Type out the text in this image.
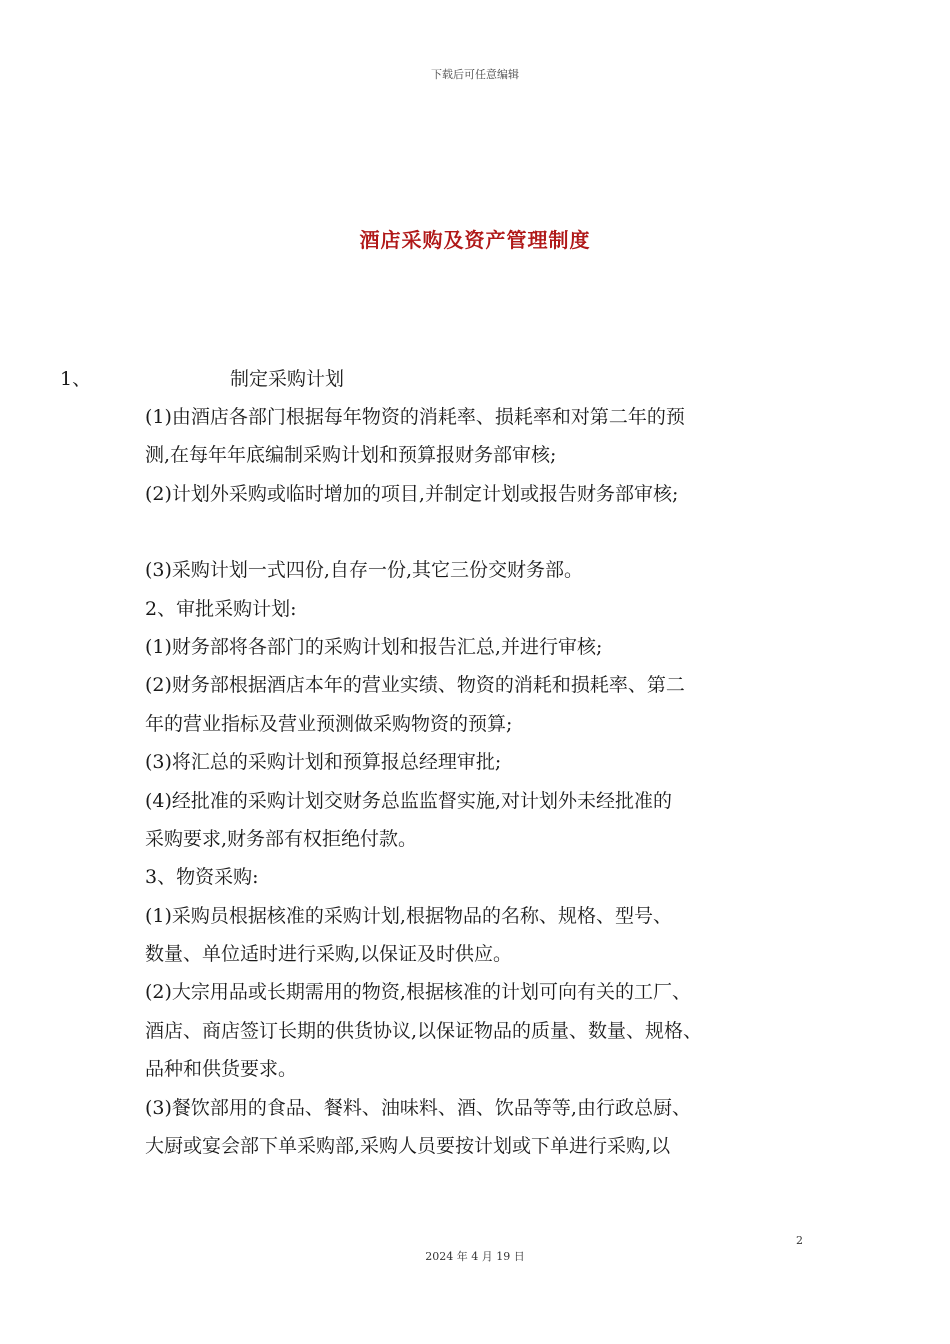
下载后可任意编辑
酒店采购及资产管理制度
1、	制定采购计划
(1)由酒店各部门根据每年物资的消耗率、损耗率和对第二年的预
测,在每年年底编制采购计划和预算报财务部审核;
(2)计划外采购或临时增加的项目,并制定计划或报告财务部审核;
(3)采购计划一式四份,自存一份,其它三份交财务部。
2、审批采购计划:
(1)财务部将各部门的采购计划和报告汇总,并进行审核;
(2)财务部根据酒店本年的营业实绩、物资的消耗和损耗率、第二
年的营业指标及营业预测做采购物资的预算;
(3)将汇总的采购计划和预算报总经理审批;
(4)经批准的采购计划交财务总监监督实施,对计划外未经批准的
采购要求,财务部有权拒绝付款。
3、物资采购:
(1)采购员根据核准的采购计划,根据物品的名称、规格、型号、
数量、单位适时进行采购,以保证及时供应。
(2)大宗用品或长期需用的物资,根据核准的计划可向有关的工厂、
酒店、商店签订长期的供货协议,以保证物品的质量、数量、规格、
品种和供货要求。
(3)餐饮部用的食品、餐料、油味料、酒、饮品等等,由行政总厨、
大厨或宴会部下单采购部,采购人员要按计划或下单进行采购,以
2
2024 年 4 月 19 日
